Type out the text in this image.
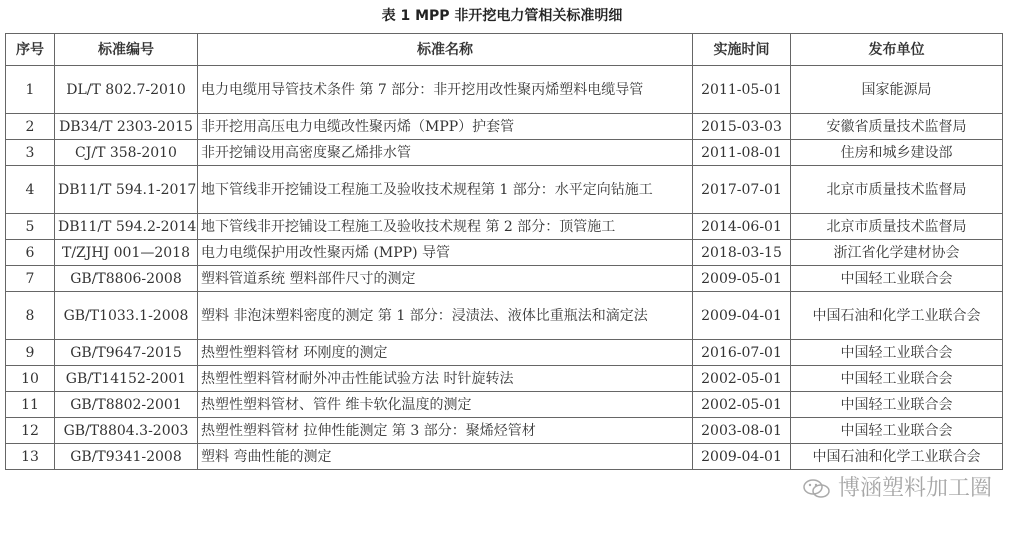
表 1 MPP 非开挖电力管相关标准明细
序号	标准编号	标准名称	实施时间	发布单位
1	DL/T 802.7-2010	电力电缆用导管技术条件 第 7 部分：非开挖用改性聚丙烯塑料电缆导管	2011-05-01	国家能源局
2	DB34/T 2303-2015	非开挖用高压电力电缆改性聚丙烯（MPP）护套管	2015-03-03	安徽省质量技术监督局
3	CJ/T 358-2010	非开挖铺设用高密度聚乙烯排水管	2011-08-01	住房和城乡建设部
4	DB11/T 594.1-2017	地下管线非开挖铺设工程施工及验收技术规程第 1 部分：水平定向钻施工	2017-07-01	北京市质量技术监督局
5	DB11/T 594.2-2014	地下管线非开挖铺设工程施工及验收技术规程 第 2 部分：顶管施工	2014-06-01	北京市质量技术监督局
6	T/ZJHJ 001—2018	电力电缆保护用改性聚丙烯 (MPP) 导管	2018-03-15	浙江省化学建材协会
7	GB/T8806-2008	塑料管道系统 塑料部件尺寸的测定	2009-05-01	中国轻工业联合会
8	GB/T1033.1-2008	塑料 非泡沫塑料密度的测定 第 1 部分：浸渍法、液体比重瓶法和滴定法	2009-04-01	中国石油和化学工业联合会
9	GB/T9647-2015	热塑性塑料管材 环刚度的测定	2016-07-01	中国轻工业联合会
10	GB/T14152-2001	热塑性塑料管材耐外冲击性能试验方法 时针旋转法	2002-05-01	中国轻工业联合会
11	GB/T8802-2001	热塑性塑料管材、管件 维卡软化温度的测定	2002-05-01	中国轻工业联合会
12	GB/T8804.3-2003	热塑性塑料管材 拉伸性能测定 第 3 部分：聚烯烃管材	2003-08-01	中国轻工业联合会
13	GB/T9341-2008	塑料 弯曲性能的测定	2009-04-01	中国石油和化学工业联合会
博涵塑料加工圈
